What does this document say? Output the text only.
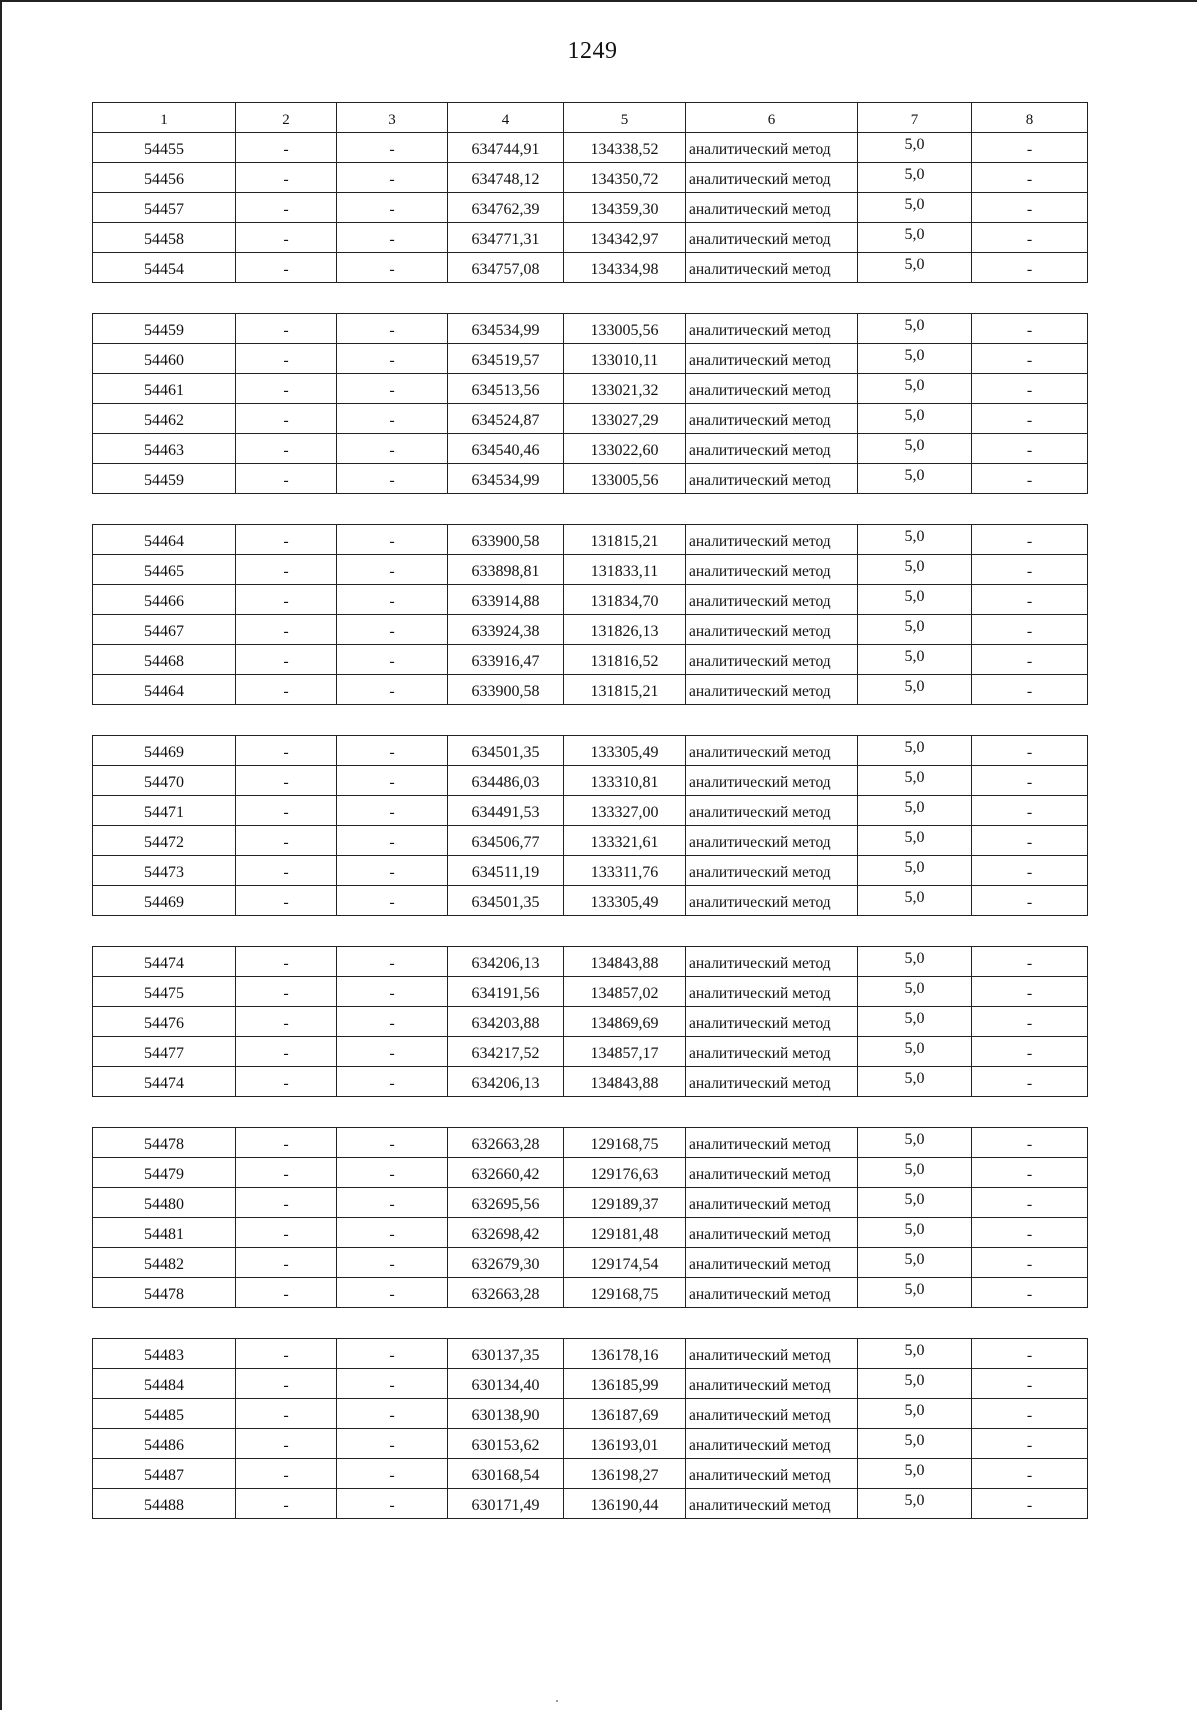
1249
1	2	3	4	5	6	7	8
54455	-	-	634744,91	134338,52	аналитический метод	5,0	-
54456	-	-	634748,12	134350,72	аналитический метод	5,0	-
54457	-	-	634762,39	134359,30	аналитический метод	5,0	-
54458	-	-	634771,31	134342,97	аналитический метод	5,0	-
54454	-	-	634757,08	134334,98	аналитический метод	5,0	-
54459	-	-	634534,99	133005,56	аналитический метод	5,0	-
54460	-	-	634519,57	133010,11	аналитический метод	5,0	-
54461	-	-	634513,56	133021,32	аналитический метод	5,0	-
54462	-	-	634524,87	133027,29	аналитический метод	5,0	-
54463	-	-	634540,46	133022,60	аналитический метод	5,0	-
54459	-	-	634534,99	133005,56	аналитический метод	5,0	-
54464	-	-	633900,58	131815,21	аналитический метод	5,0	-
54465	-	-	633898,81	131833,11	аналитический метод	5,0	-
54466	-	-	633914,88	131834,70	аналитический метод	5,0	-
54467	-	-	633924,38	131826,13	аналитический метод	5,0	-
54468	-	-	633916,47	131816,52	аналитический метод	5,0	-
54464	-	-	633900,58	131815,21	аналитический метод	5,0	-
54469	-	-	634501,35	133305,49	аналитический метод	5,0	-
54470	-	-	634486,03	133310,81	аналитический метод	5,0	-
54471	-	-	634491,53	133327,00	аналитический метод	5,0	-
54472	-	-	634506,77	133321,61	аналитический метод	5,0	-
54473	-	-	634511,19	133311,76	аналитический метод	5,0	-
54469	-	-	634501,35	133305,49	аналитический метод	5,0	-
54474	-	-	634206,13	134843,88	аналитический метод	5,0	-
54475	-	-	634191,56	134857,02	аналитический метод	5,0	-
54476	-	-	634203,88	134869,69	аналитический метод	5,0	-
54477	-	-	634217,52	134857,17	аналитический метод	5,0	-
54474	-	-	634206,13	134843,88	аналитический метод	5,0	-
54478	-	-	632663,28	129168,75	аналитический метод	5,0	-
54479	-	-	632660,42	129176,63	аналитический метод	5,0	-
54480	-	-	632695,56	129189,37	аналитический метод	5,0	-
54481	-	-	632698,42	129181,48	аналитический метод	5,0	-
54482	-	-	632679,30	129174,54	аналитический метод	5,0	-
54478	-	-	632663,28	129168,75	аналитический метод	5,0	-
54483	-	-	630137,35	136178,16	аналитический метод	5,0	-
54484	-	-	630134,40	136185,99	аналитический метод	5,0	-
54485	-	-	630138,90	136187,69	аналитический метод	5,0	-
54486	-	-	630153,62	136193,01	аналитический метод	5,0	-
54487	-	-	630168,54	136198,27	аналитический метод	5,0	-
54488	-	-	630171,49	136190,44	аналитический метод	5,0	-
